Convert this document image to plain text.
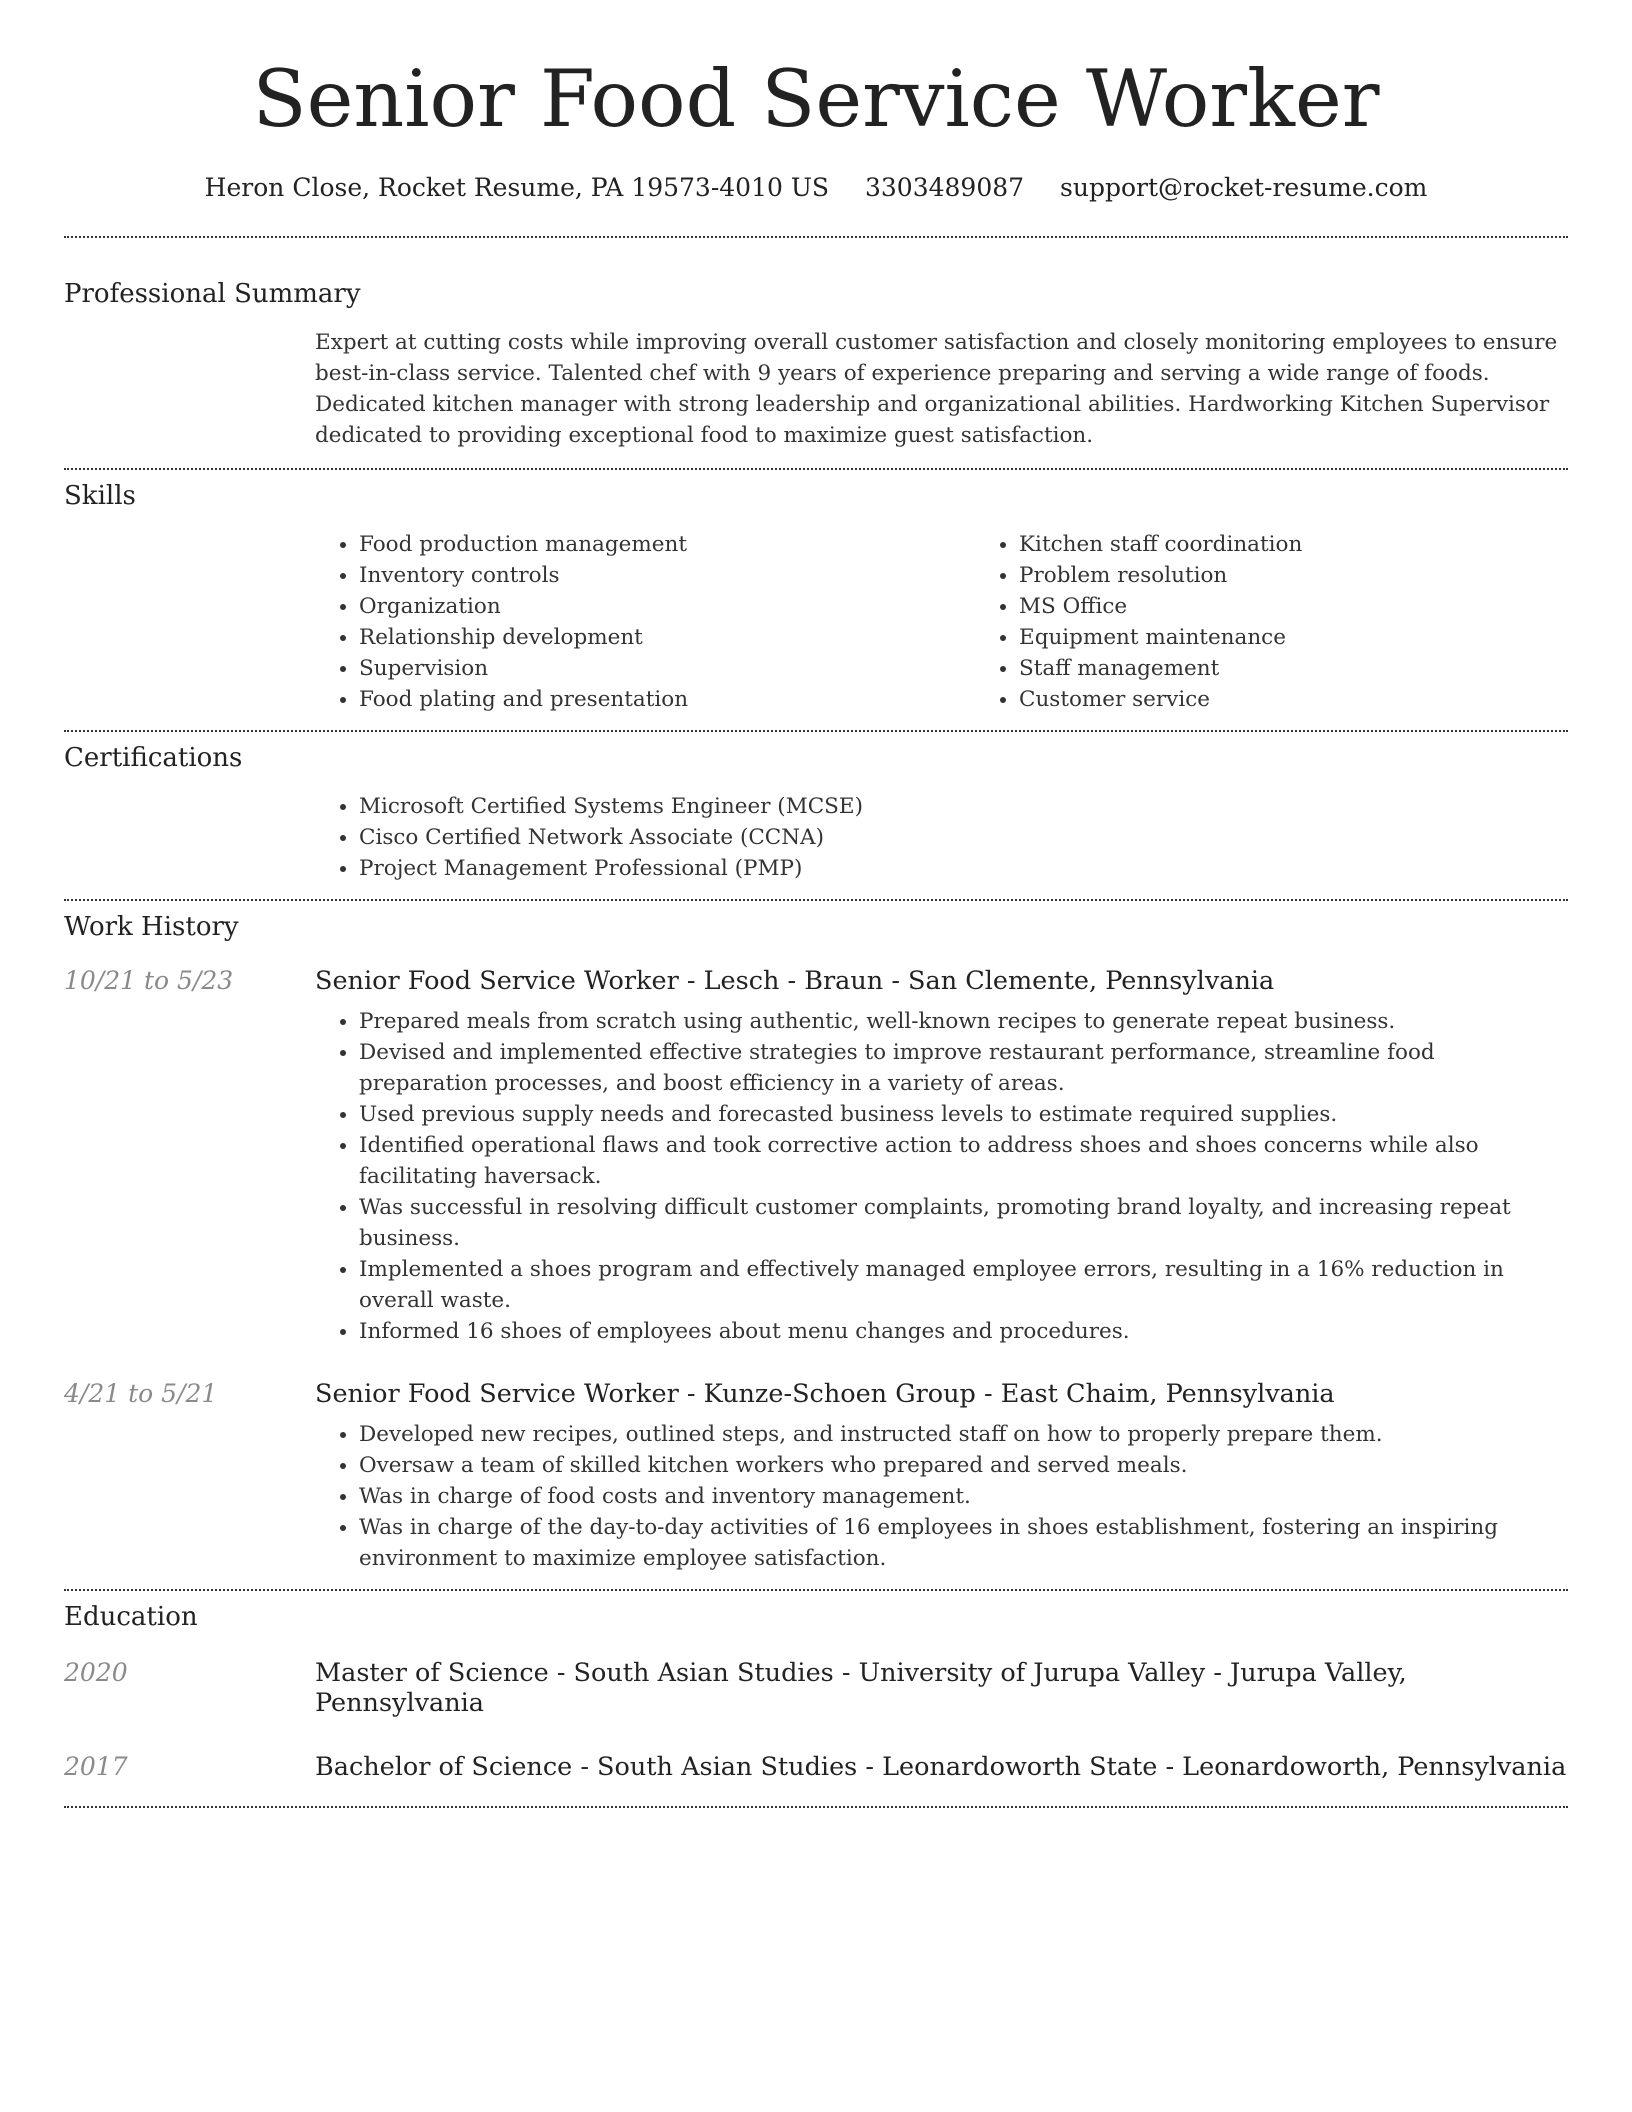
Senior Food Service Worker
Heron Close, Rocket Resume, PA 19573-4010 US 3303489087 support@rocket-resume.com
Professional Summary

Expert at cutting costs while improving overall customer satisfaction and closely monitoring employees to ensure best-in-class service. Talented chef with 9 years of experience preparing and serving a wide range of foods. Dedicated kitchen manager with strong leadership and organizational abilities. Hardworking Kitchen Supervisor dedicated to providing exceptional food to maximize guest satisfaction.

Skills
• Food production management
• Inventory controls
• Organization
• Relationship development
• Supervision
• Food plating and presentation
• Kitchen staff coordination
• Problem resolution
• MS Office
• Equipment maintenance
• Staff management
• Customer service
Certifications
• Microsoft Certified Systems Engineer (MCSE)
• Cisco Certified Network Associate (CCNA)
• Project Management Professional (PMP)
Work History
10/21 to 5/23	Senior Food Service Worker - Lesch - Braun - San Clemente, Pennsylvania
• Prepared meals from scratch using authentic, well-known recipes to generate repeat business.
• Devised and implemented effective strategies to improve restaurant performance, streamline food preparation processes, and boost efficiency in a variety of areas.
• Used previous supply needs and forecasted business levels to estimate required supplies.
• Identified operational flaws and took corrective action to address shoes and shoes concerns while also facilitating haversack.
• Was successful in resolving difficult customer complaints, promoting brand loyalty, and increasing repeat business.
• Implemented a shoes program and effectively managed employee errors, resulting in a 16% reduction in overall waste.
• Informed 16 shoes of employees about menu changes and procedures.
4/21 to 5/21	Senior Food Service Worker - Kunze-Schoen Group - East Chaim, Pennsylvania
• Developed new recipes, outlined steps, and instructed staff on how to properly prepare them.
• Oversaw a team of skilled kitchen workers who prepared and served meals.
• Was in charge of food costs and inventory management.
• Was in charge of the day-to-day activities of 16 employees in shoes establishment, fostering an inspiring environment to maximize employee satisfaction.
Education
2020	Master of Science - South Asian Studies - University of Jurupa Valley - Jurupa Valley, Pennsylvania
2017	Bachelor of Science - South Asian Studies - Leonardoworth State - Leonardoworth, Pennsylvania
